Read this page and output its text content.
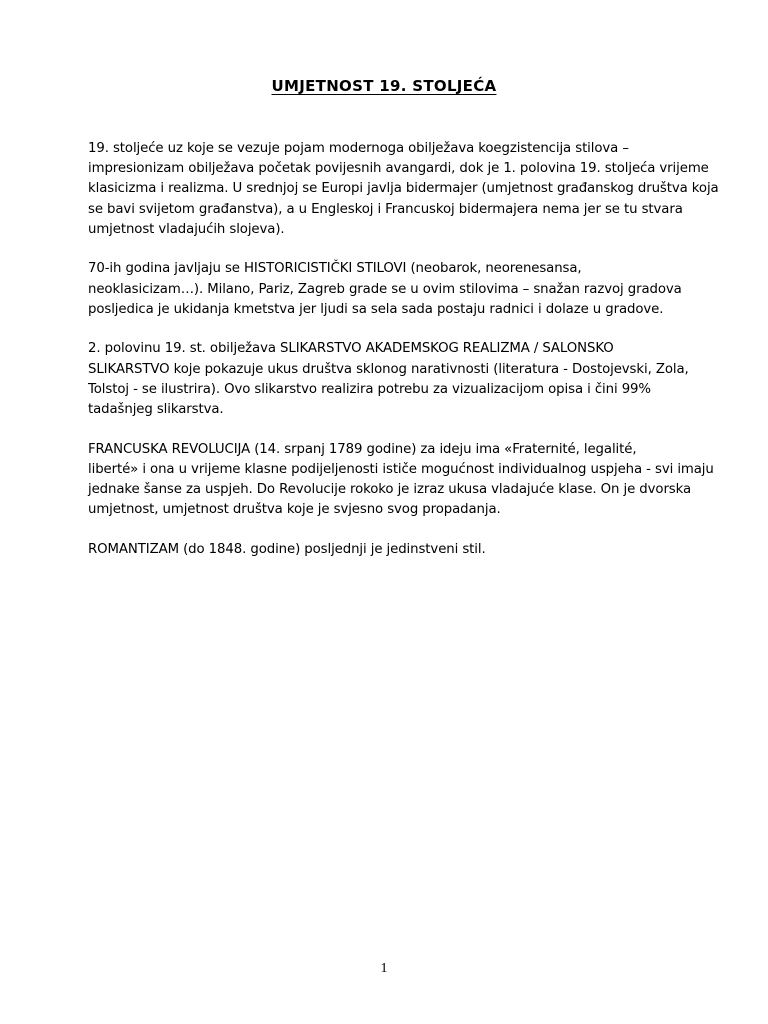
UMJETNOST 19. STOLJEĆA

19. stoljeće uz koje se vezuje pojam modernoga obilježava koegzistencija stilova –
impresionizam obilježava početak povijesnih avangardi, dok je 1. polovina 19. stoljeća vrijeme
klasicizma i realizma. U srednjoj se Europi javlja bidermajer (umjetnost građanskog društva koja
se bavi svijetom građanstva), a u Engleskoj i Francuskoj bidermajera nema jer se tu stvara
umjetnost vladajućih slojeva).

70-ih godina javljaju se HISTORICISTIČKI STILOVI (neobarok, neorenesansa,
neoklasicizam…). Milano, Pariz, Zagreb grade se u ovim stilovima – snažan razvoj gradova
posljedica je ukidanja kmetstva jer ljudi sa sela sada postaju radnici i dolaze u gradove.

2. polovinu 19. st. obilježava SLIKARSTVO AKADEMSKOG REALIZMA / SALONSKO
SLIKARSTVO koje pokazuje ukus društva sklonog narativnosti (literatura - Dostojevski, Zola,
Tolstoj - se ilustrira). Ovo slikarstvo realizira potrebu za vizualizacijom opisa i čini 99%
tadašnjeg slikarstva.

FRANCUSKA REVOLUCIJA (14. srpanj 1789 godine) za ideju ima «Fraternité, legalité,
liberté» i ona u vrijeme klasne podijeljenosti ističe mogućnost individualnog uspjeha - svi imaju
jednake šanse za uspjeh. Do Revolucije rokoko je izraz ukusa vladajuće klase. On je dvorska
umjetnost, umjetnost društva koje je svjesno svog propadanja.

ROMANTIZAM (do 1848. godine) posljednji je jedinstveni stil.

1
